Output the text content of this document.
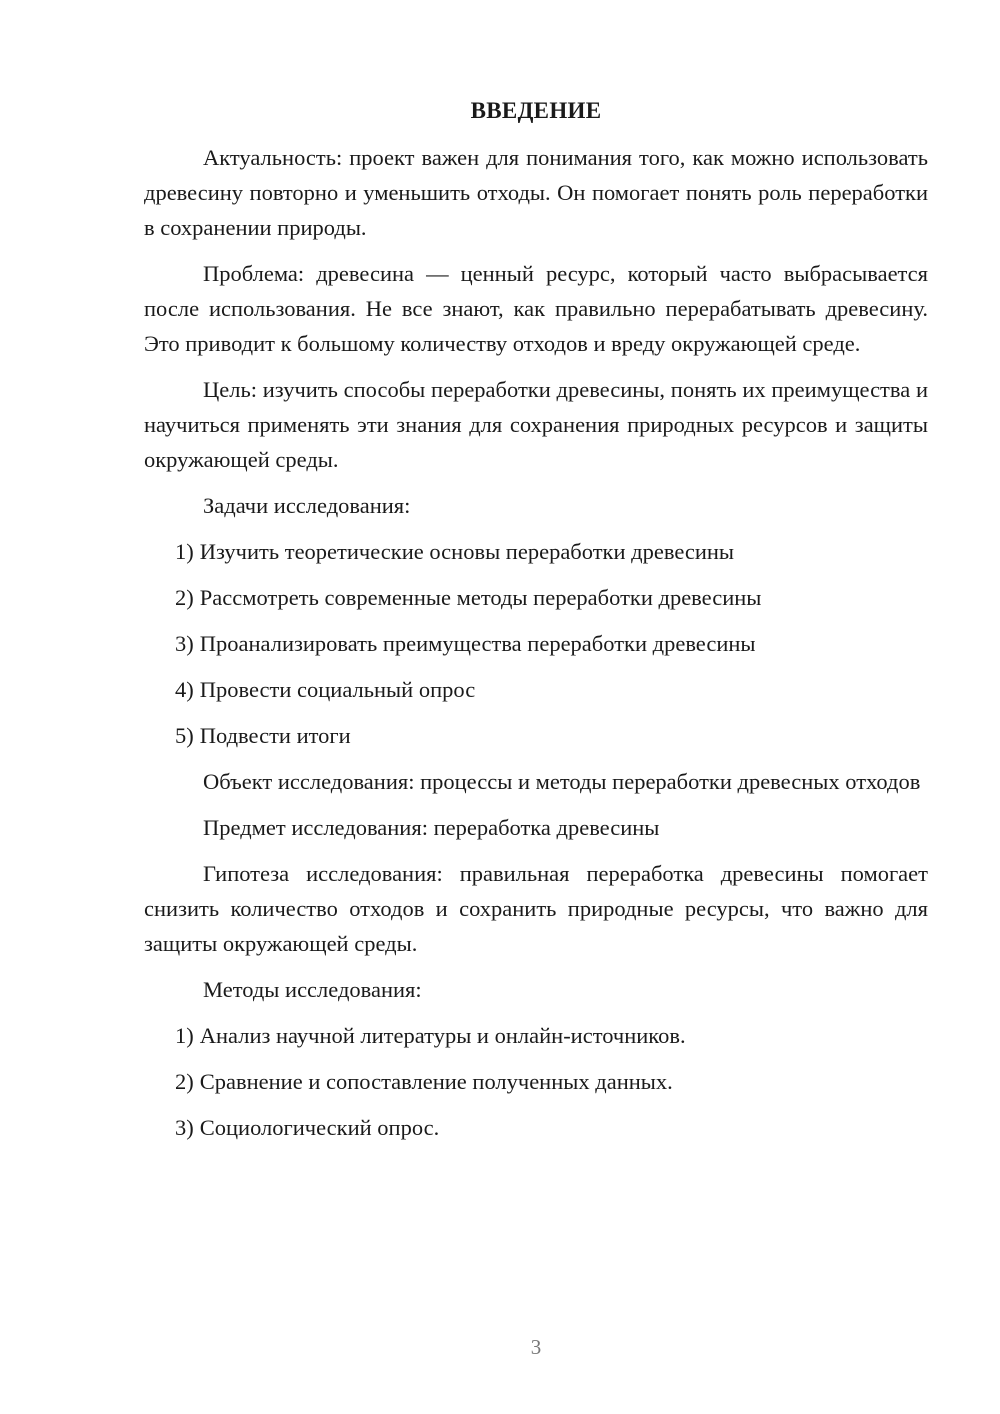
ВВЕДЕНИЕ

Актуальность: проект важен для понимания того, как можно использовать древесину повторно и уменьшить отходы. Он помогает понять роль переработки в сохранении природы.

Проблема: древесина — ценный ресурс, который часто выбрасывается после использования. Не все знают, как правильно перерабатывать древесину. Это приводит к большому количеству отходов и вреду окружающей среде.

Цель: изучить способы переработки древесины, понять их преимущества и научиться применять эти знания для сохранения природных ресурсов и защиты окружающей среды.

Задачи исследования:

1) Изучить теоретические основы переработки древесины
2) Рассмотреть современные методы переработки древесины
3) Проанализировать преимущества переработки древесины
4) Провести социальный опрос
5) Подвести итоги

Объект исследования: процессы и методы переработки древесных отходов

Предмет исследования: переработка древесины

Гипотеза исследования: правильная переработка древесины помогает снизить количество отходов и сохранить природные ресурсы, что важно для защиты окружающей среды.

Методы исследования:

1) Анализ научной литературы и онлайн-источников.
2) Сравнение и сопоставление полученных данных.
3) Социологический опрос.
3
